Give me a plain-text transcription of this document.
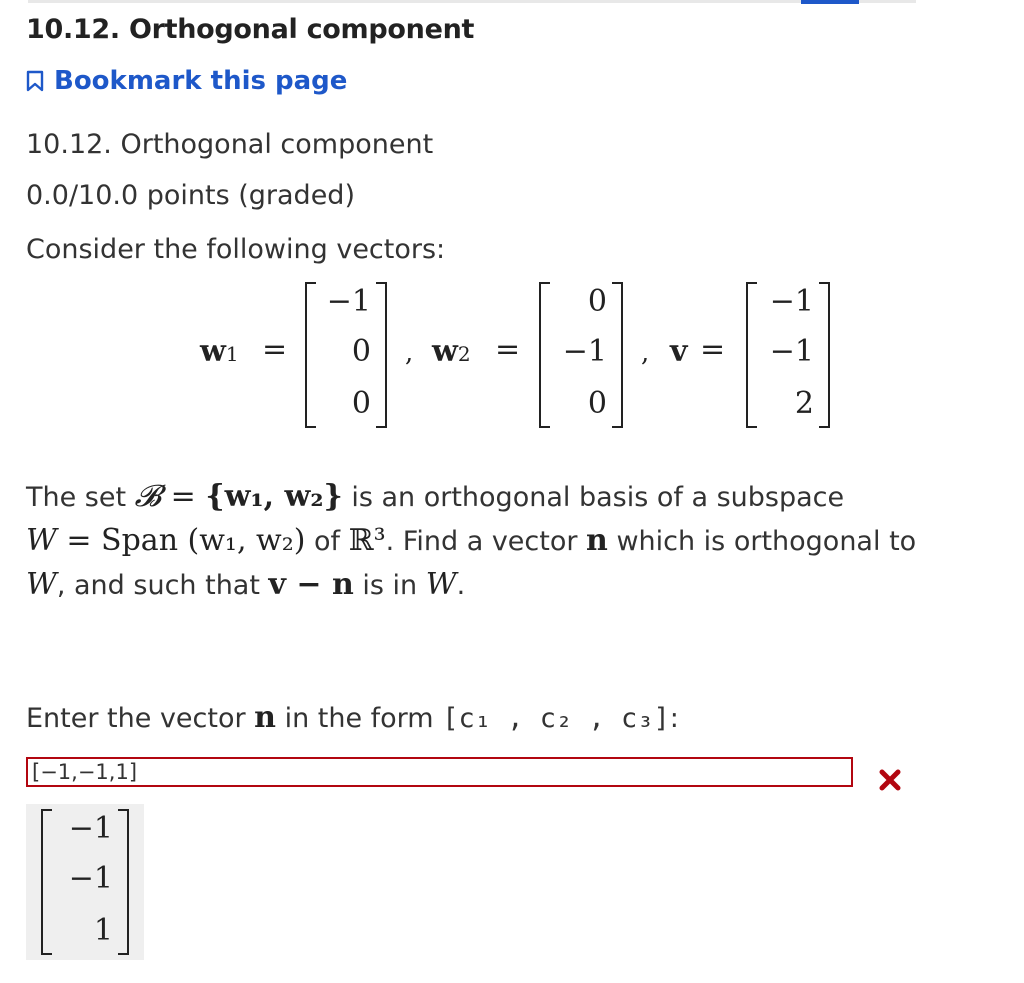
10.12. Orthogonal component
Bookmark this page
10.12. Orthogonal component
0.0/10.0 points (graded)
Consider the following vectors:
w1 =
−1
0
0
, w2 =
0
−1
0
, v =
−1
−1
2
The set 𝓑 = {w₁, w₂} is an orthogonal basis of a subspace
W = Span (w₁, w₂) of ℝ³. Find a vector n which is orthogonal to
W, and such that v − n is in W.
Enter the vector n in the form [c₁ , c₂ , c₃]:
[−1,−1,1]
−1
−1
1
